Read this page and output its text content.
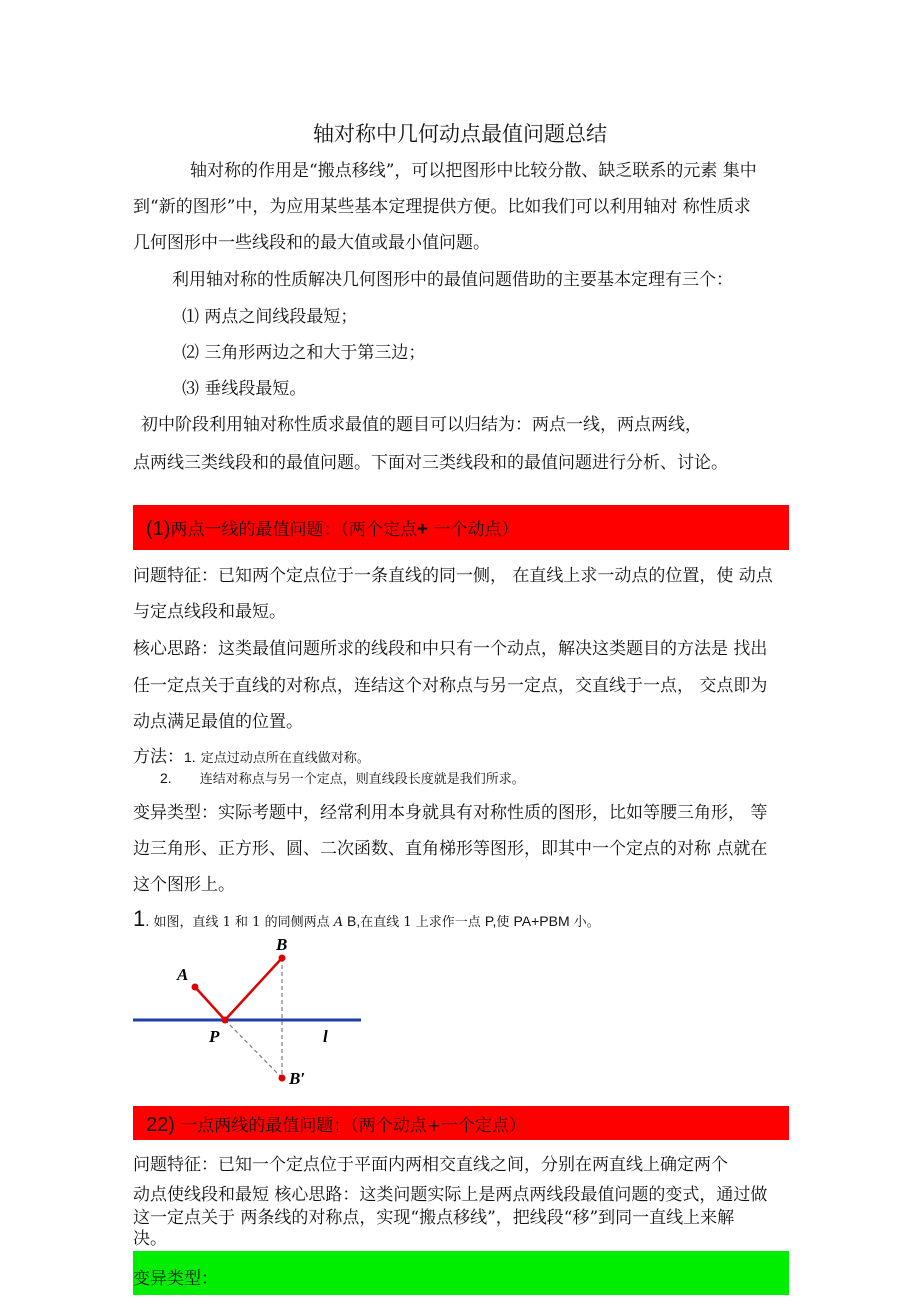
轴对称中几何动点最值问题总结
轴对称的作用是“搬点移线”，可以把图形中比较分散、缺乏联系的元素 集中
到“新的图形”中，为应用某些基本定理提供方便。比如我们可以利用轴对 称性质求
几何图形中一些线段和的最大值或最小值问题。
利用轴对称的性质解决几何图形中的最值问题借助的主要基本定理有三个：
⑴ 两点之间线段最短；
⑵ 三角形两边之和大于第三边；
⑶ 垂线段最短。
初中阶段利用轴对称性质求最值的题目可以归结为：两点一线，两点两线，
点两线三类线段和的最值问题。下面对三类线段和的最值问题进行分析、讨论。
(1)两点一线的最值问题：（两个定点+ 一个动点）
问题特征：已知两个定点位于一条直线的同一侧， 在直线上求一动点的位置，使 动点
与定点线段和最短。
核心思路：这类最值问题所求的线段和中只有一个动点，解决这类题目的方法是 找出
任一定点关于直线的对称点，连结这个对称点与另一定点，交直线于一点， 交点即为
动点满足最值的位置。
方法：1. 定点过动点所在直线做对称。
2. 连结对称点与另一个定点，则直线段长度就是我们所求。
变异类型：实际考题中，经常利用本身就具有对称性质的图形，比如等腰三角形， 等
边三角形、正方形、圆、二次函数、直角梯形等图形，即其中一个定点的对称 点就在
这个图形上。
1. 如图，直线 1 和 1 的同侧两点 A B,在直线 1 上求作一点 P,使 PA+PBM 小。
A
B
P	l
B′
22) 一点两线的最值问题：（两个动点+一个定点）
问题特征：已知一个定点位于平面内两相交直线之间，分别在两直线上确定两个
动点使线段和最短 核心思路：这类问题实际上是两点两线段最值问题的变式，通过做
这一定点关于 两条线的对称点，实现“搬点移线”，把线段“移”到同一直线上来解
决。
变异类型：
